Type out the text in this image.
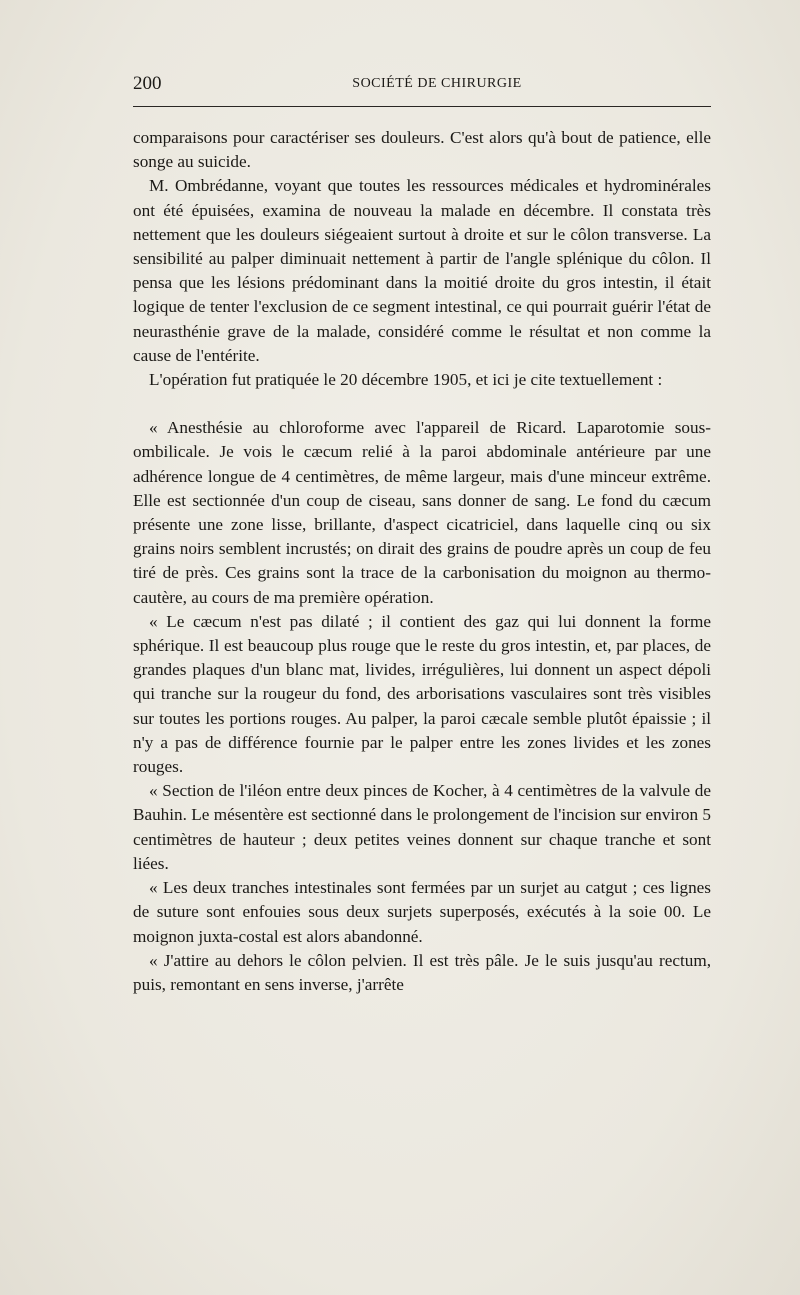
200	SOCIÉTÉ DE CHIRURGIE

comparaisons pour caractériser ses douleurs. C'est alors qu'à bout de patience, elle songe au suicide.

M. Ombrédanne, voyant que toutes les ressources médicales et hydrominérales ont été épuisées, examina de nouveau la malade en décembre. Il constata très nettement que les douleurs siégeaient surtout à droite et sur le côlon transverse. La sensibilité au palper diminuait nettement à partir de l'angle splénique du côlon. Il pensa que les lésions prédominant dans la moitié droite du gros intestin, il était logique de tenter l'exclusion de ce segment intestinal, ce qui pourrait guérir l'état de neurasthénie grave de la malade, considéré comme le résultat et non comme la cause de l'entérite.

L'opération fut pratiquée le 20 décembre 1905, et ici je cite textuellement :

« Anesthésie au chloroforme avec l'appareil de Ricard. Laparotomie sous-ombilicale. Je vois le cæcum relié à la paroi abdominale antérieure par une adhérence longue de 4 centimètres, de même largeur, mais d'une minceur extrême. Elle est sectionnée d'un coup de ciseau, sans donner de sang. Le fond du cæcum présente une zone lisse, brillante, d'aspect cicatriciel, dans laquelle cinq ou six grains noirs semblent incrustés; on dirait des grains de poudre après un coup de feu tiré de près. Ces grains sont la trace de la carbonisation du moignon au thermo-cautère, au cours de ma première opération.

« Le cæcum n'est pas dilaté ; il contient des gaz qui lui donnent la forme sphérique. Il est beaucoup plus rouge que le reste du gros intestin, et, par places, de grandes plaques d'un blanc mat, livides, irrégulières, lui donnent un aspect dépoli qui tranche sur la rougeur du fond, des arborisations vasculaires sont très visibles sur toutes les portions rouges. Au palper, la paroi cæcale semble plutôt épaissie ; il n'y a pas de différence fournie par le palper entre les zones livides et les zones rouges.

« Section de l'iléon entre deux pinces de Kocher, à 4 centimètres de la valvule de Bauhin. Le mésentère est sectionné dans le prolongement de l'incision sur environ 5 centimètres de hauteur ; deux petites veines donnent sur chaque tranche et sont liées.

« Les deux tranches intestinales sont fermées par un surjet au catgut ; ces lignes de suture sont enfouies sous deux surjets superposés, exécutés à la soie 00. Le moignon juxta-costal est alors abandonné.

« J'attire au dehors le côlon pelvien. Il est très pâle. Je le suis jusqu'au rectum, puis, remontant en sens inverse, j'arrête
